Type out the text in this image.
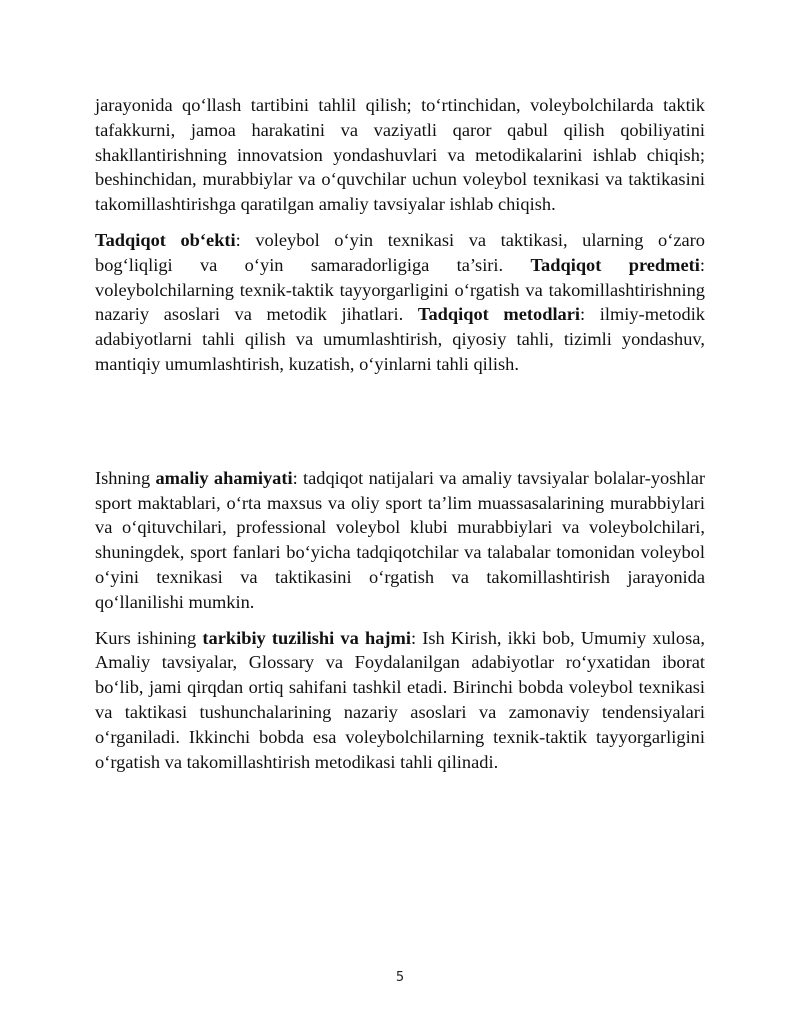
jarayonida qo‘llash tartibini tahlil qilish; to‘rtinchidan, voleybolchilarda taktik tafakkurni, jamoa harakatini va vaziyatli qaror qabul qilish qobiliyatini shakllantirishning innovatsion yondashuvlari va metodikalarini ishlab chiqish; beshinchidan, murabbiylar va o‘quvchilar uchun voleybol texnikasi va taktikasini takomillashtirishga qaratilgan amaliy tavsiyalar ishlab chiqish.

Tadqiqot ob‘ekti: voleybol o‘yin texnikasi va taktikasi, ularning o‘zaro bog‘liqligi va o‘yin samaradorligiga ta’siri. Tadqiqot predmeti: voleybolchilarning texnik-taktik tayyorgarligini o‘rgatish va takomillashtirishning nazariy asoslari va metodik jihatlari. Tadqiqot metodlari: ilmiy-metodik adabiyotlarni tahli qilish va umumlashtirish, qiyosiy tahli, tizimli yondashuv, mantiqiy umumlashtirish, kuzatish, o‘yinlarni tahli qilish.

Ishning amaliy ahamiyati: tadqiqot natijalari va amaliy tavsiyalar bolalar-yoshlar sport maktablari, o‘rta maxsus va oliy sport ta’lim muassasalarining murabbiylari va o‘qituvchilari, professional voleybol klubi murabbiylari va voleybolchilari, shuningdek, sport fanlari bo‘yicha tadqiqotchilar va talabalar tomonidan voleybol o‘yini texnikasi va taktikasini o‘rgatish va takomillashtirish jarayonida qo‘llanilishi mumkin.

Kurs ishining tarkibiy tuzilishi va hajmi: Ish Kirish, ikki bob, Umumiy xulosa, Amaliy tavsiyalar, Glossary va Foydalanilgan adabiyotlar ro‘yxatidan iborat bo‘lib, jami qirqdan ortiq sahifani tashkil etadi. Birinchi bobda voleybol texnikasi va taktikasi tushunchalarining nazariy asoslari va zamonaviy tendensiyalari o‘rganiladi. Ikkinchi bobda esa voleybolchilarning texnik-taktik tayyorgarligini o‘rgatish va takomillashtirish metodikasi tahli qilinadi.

5
